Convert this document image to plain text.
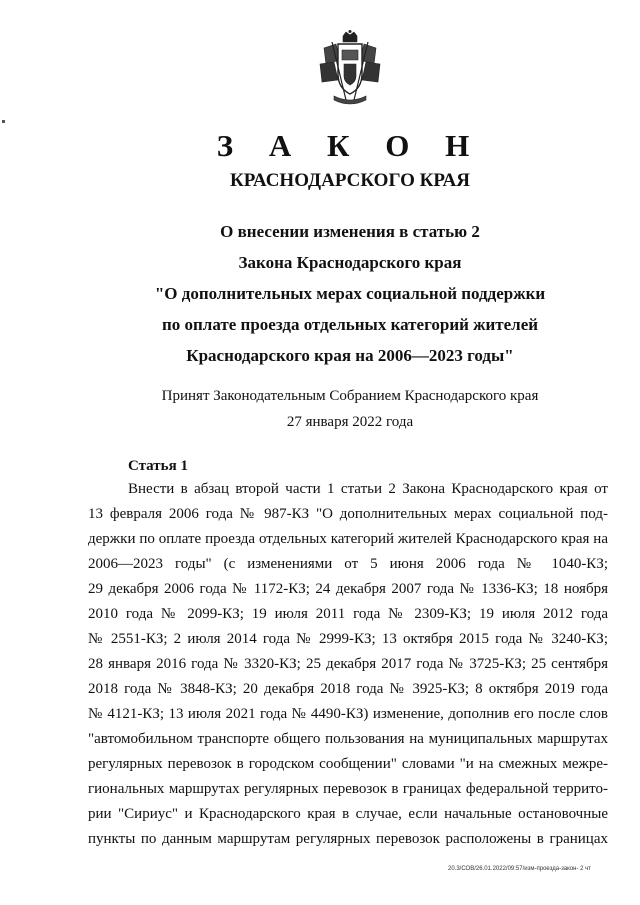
З А К О Н
КРАСНОДАРСКОГО КРАЯ
О внесении изменения в статью 2
Закона Краснодарского края
"О дополнительных мерах социальной поддержки
по оплате проезда отдельных категорий жителей
Краснодарского края на 2006—2023 годы"
Принят Законодательным Собранием Краснодарского края
27 января 2022 года
Статья 1
Внести в абзац второй части 1 статьи 2 Закона Краснодарского края от
13 февраля 2006 года № 987-КЗ "О дополнительных мерах социальной под-
держки по оплате проезда отдельных категорий жителей Краснодарского края на
2006—2023 годы" (с изменениями от 5 июня 2006 года № 1040-КЗ;
29 декабря 2006 года № 1172-КЗ; 24 декабря 2007 года № 1336-КЗ; 18 ноября
2010 года № 2099-КЗ; 19 июля 2011 года № 2309-КЗ; 19 июля 2012 года
№ 2551-КЗ; 2 июля 2014 года № 2999-КЗ; 13 октября 2015 года № 3240-КЗ;
28 января 2016 года № 3320-КЗ; 25 декабря 2017 года № 3725-КЗ; 25 сентября
2018 года № 3848-КЗ; 20 декабря 2018 года № 3925-КЗ; 8 октября 2019 года
№ 4121-КЗ; 13 июля 2021 года № 4490-КЗ) изменение, дополнив его после слов
"автомобильном транспорте общего пользования на муниципальных маршрутах
регулярных перевозок в городском сообщении" словами "и на смежных межре-
гиональных маршрутах регулярных перевозок в границах федеральной террито-
рии "Сириус" и Краснодарского края в случае, если начальные остановочные
пункты по данным маршрутам регулярных перевозок расположены в границах
20.3/СОВ/26.01.2022/09:57/изм-проезда-закон- 2 чт
